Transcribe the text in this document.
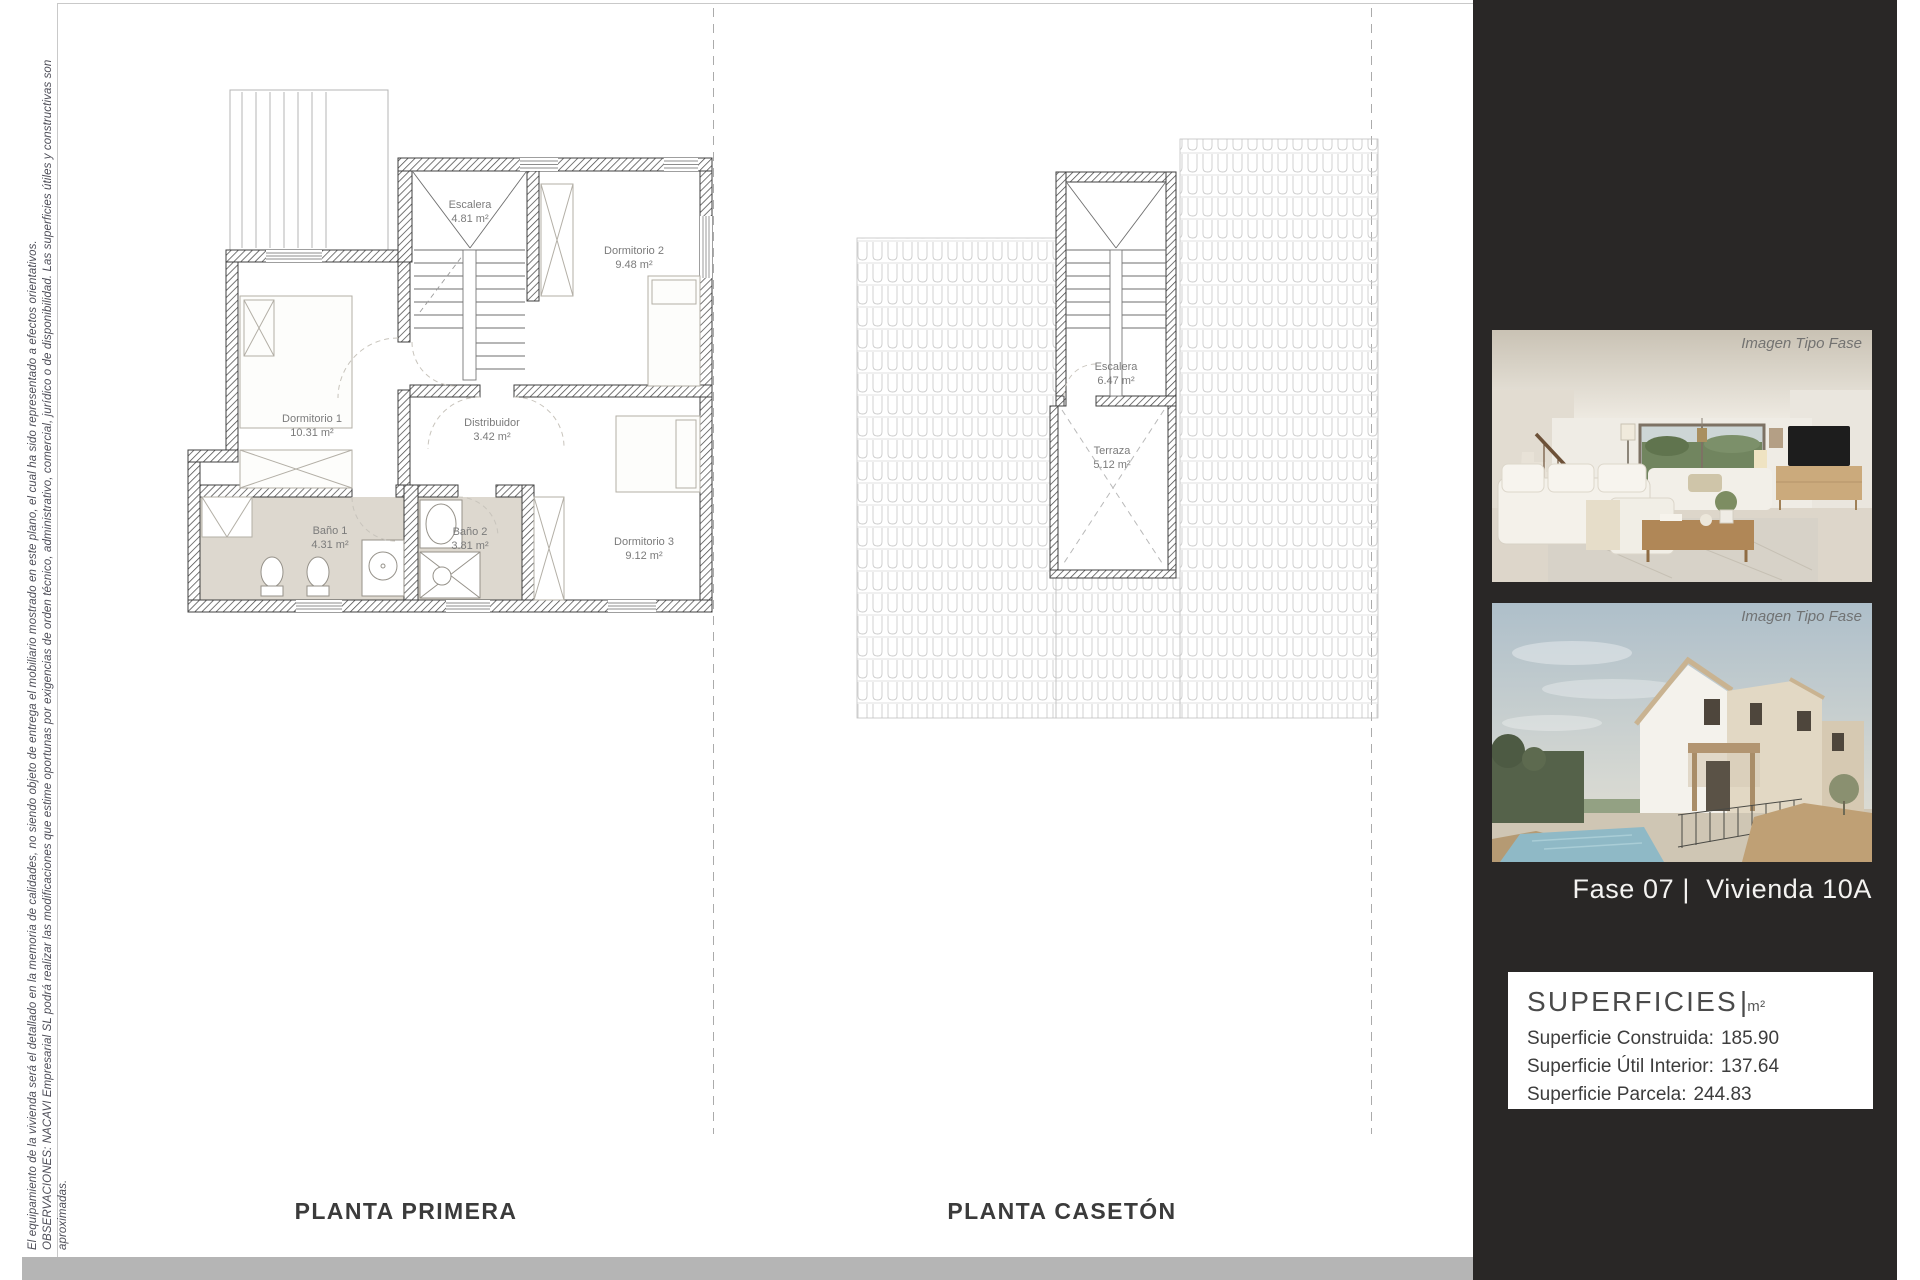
El equipamiento de la vivienda será el detallado en la memoria de calidades, no siendo objeto de entrega el mobiliario mostrado en este plano, el cual ha sido representado a efectos orientativos. OBSERVACIONES: NACAVI Empresarial SL podrá realizar las modificaciones que estime oportunas por exigencias de orden técnico, administrativo, comercial, jurídico o de disponibilidad. Las superficies útiles y constructivas son aproximadas.
Escalera
4.81 m²
Dormitorio 2
9.48 m²
Dormitorio 1
10.31 m²
Distribuidor
3.42 m²
Baño 1
4.31 m²
Baño 2
3.81 m²	Dormitorio 3
9.12 m²
Escalera
6.47 m²
Terraza
5.12 m²
PLANTA PRIMERA	PLANTA CASETÓN
Imagen Tipo Fase
Imagen Tipo Fase
Fase 07 |  Vivienda 10A
SUPERFICIES|m²
Superficie Construida: 185.90
Superficie Útil Interior: 137.64
Superficie Parcela: 244.83
